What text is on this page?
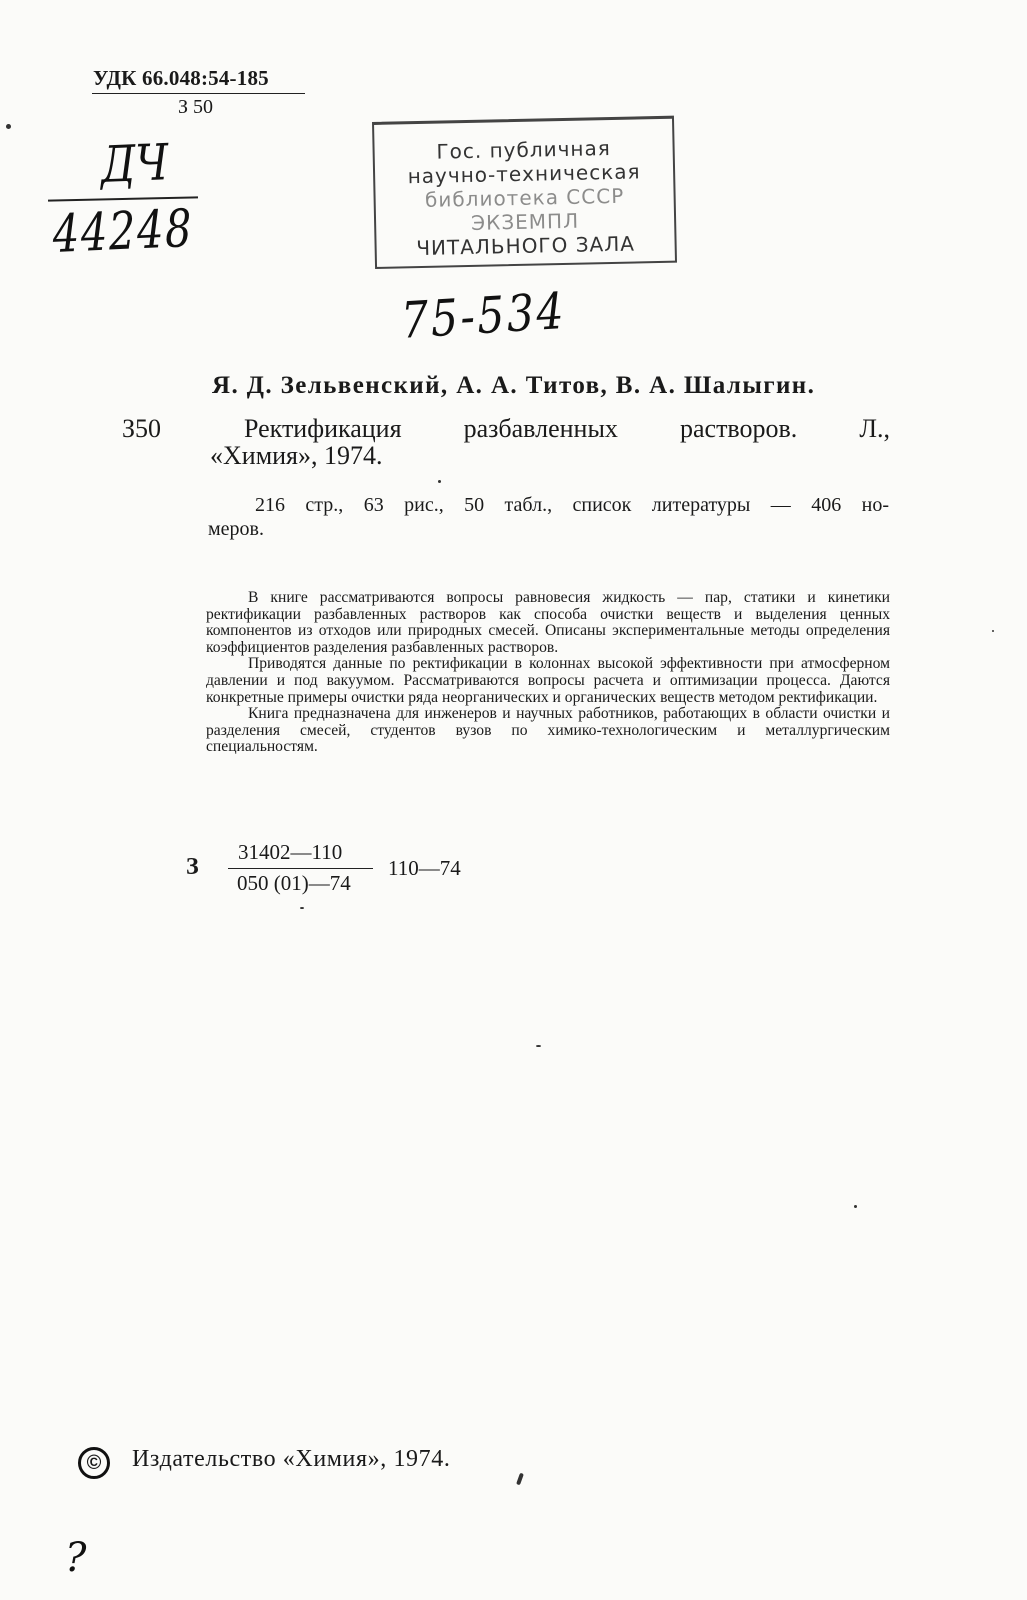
УДК 66.048:54-185
З 50
ДЧ
44248
Гос. публичная
научно-техническая
библиотека СССР
ЭКЗЕМПЛ
ЧИТАЛЬНОГО ЗАЛА
75-534
Я. Д. Зельвенский, А. А. Титов, В. А. Шалыгин.
З50	Ректификация разбавленных растворов. Л.,
«Химия», 1974.
216 стр., 63 рис., 50 табл., список литературы — 406 но-
меров.

В книге рассматриваются вопросы равновесия жидкость — пар, статики и кинетики ректификации разбавленных растворов как способа очистки веществ и выделения ценных компонентов из отходов или природных смесей. Описаны экспериментальные методы определения коэффициентов разделения разбавленных растворов.

Приводятся данные по ректификации в колоннах высокой эффективности при атмосферном давлении и под вакуумом. Рассматриваются вопросы расчета и оптимизации процесса. Даются конкретные примеры очистки ряда неорганических и органических веществ методом ректификации.

Книга предназначена для инженеров и научных работников, работающих в области очистки и разделения смесей, студентов вузов по химико-технологическим и металлургическим специальностям.

З
31402—110
050 (01)—74
110—74
©	Издательство «Химия», 1974.
?
